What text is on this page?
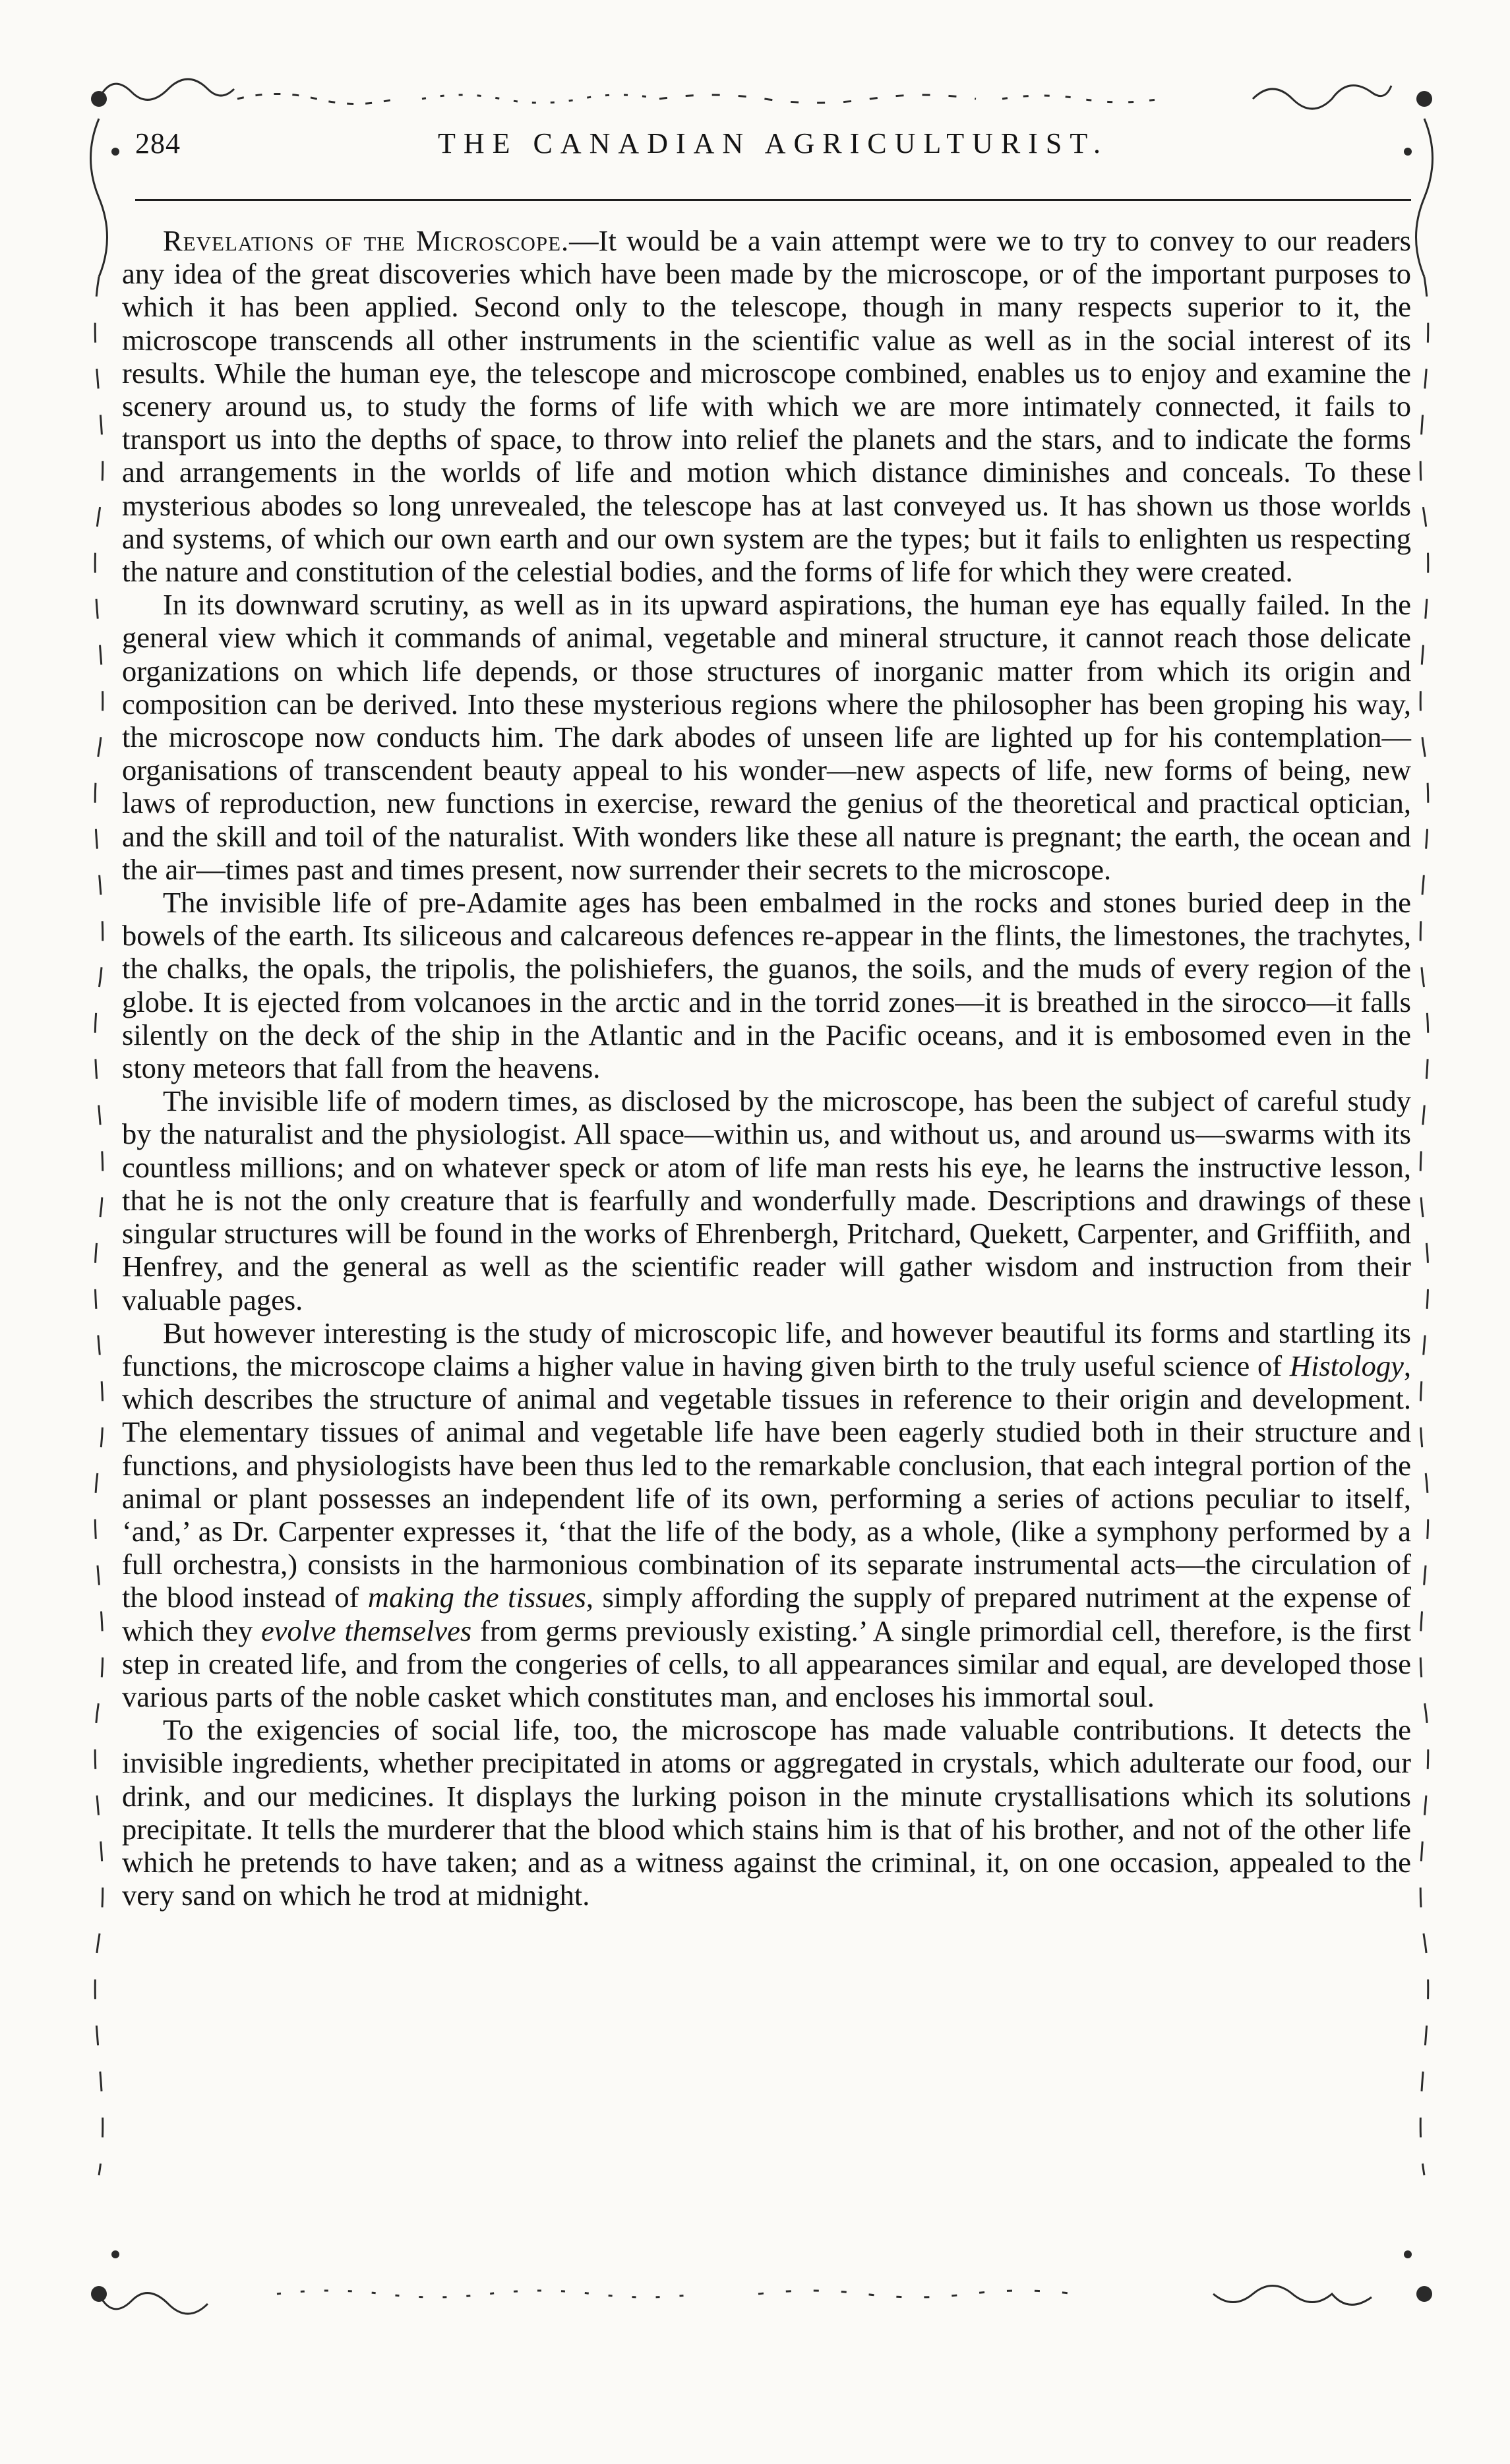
284	THE CANADIAN AGRICULTURIST.

Revelations of the Microscope.—It would be a vain attempt were we to try to convey to our readers any idea of the great discoveries which have been made by the microscope, or of the important purposes to which it has been applied. Second only to the telescope, though in many respects superior to it, the microscope transcends all other instruments in the scientific value as well as in the social interest of its results. While the human eye, the telescope and microscope combined, enables us to enjoy and examine the scenery around us, to study the forms of life with which we are more intimately connected, it fails to transport us into the depths of space, to throw into relief the planets and the stars, and to indicate the forms and arrangements in the worlds of life and motion which distance diminishes and conceals. To these mysterious abodes so long unrevealed, the telescope has at last conveyed us. It has shown us those worlds and systems, of which our own earth and our own system are the types; but it fails to enlighten us respecting the nature and constitution of the celestial bodies, and the forms of life for which they were created.

In its downward scrutiny, as well as in its upward aspirations, the human eye has equally failed. In the general view which it commands of animal, vegetable and mineral structure, it cannot reach those delicate organizations on which life depends, or those structures of inorganic matter from which its origin and composition can be derived. Into these mysterious regions where the philosopher has been groping his way, the microscope now conducts him. The dark abodes of unseen life are lighted up for his contemplation—organisations of transcendent beauty appeal to his wonder—new aspects of life, new forms of being, new laws of reproduction, new functions in exercise, reward the genius of the theoretical and practical optician, and the skill and toil of the naturalist. With wonders like these all nature is pregnant; the earth, the ocean and the air—times past and times present, now surrender their secrets to the microscope.

The invisible life of pre-Adamite ages has been embalmed in the rocks and stones buried deep in the bowels of the earth. Its siliceous and calcareous defences re-appear in the flints, the limestones, the trachytes, the chalks, the opals, the tripolis, the polishiefers, the guanos, the soils, and the muds of every region of the globe. It is ejected from volcanoes in the arctic and in the torrid zones—it is breathed in the sirocco—it falls silently on the deck of the ship in the Atlantic and in the Pacific oceans, and it is embosomed even in the stony meteors that fall from the heavens.

The invisible life of modern times, as disclosed by the microscope, has been the subject of careful study by the naturalist and the physiologist. All space—within us, and without us, and around us—swarms with its countless millions; and on whatever speck or atom of life man rests his eye, he learns the instructive lesson, that he is not the only creature that is fearfully and wonderfully made. Descriptions and drawings of these singular structures will be found in the works of Ehrenbergh, Pritchard, Quekett, Carpenter, and Griffiith, and Henfrey, and the general as well as the scientific reader will gather wisdom and instruction from their valuable pages.

But however interesting is the study of microscopic life, and however beautiful its forms and startling its functions, the microscope claims a higher value in having given birth to the truly useful science of Histology, which describes the structure of animal and vegetable tissues in reference to their origin and development. The elementary tissues of animal and vegetable life have been eagerly studied both in their structure and functions, and physiologists have been thus led to the remarkable conclusion, that each integral portion of the animal or plant possesses an independent life of its own, performing a series of actions peculiar to itself, ‘and,’ as Dr. Carpenter expresses it, ‘that the life of the body, as a whole, (like a symphony performed by a full orchestra,) consists in the harmonious combination of its separate instrumental acts—the circulation of the blood instead of making the tissues, simply affording the supply of prepared nutriment at the expense of which they evolve themselves from germs previously existing.’ A single primordial cell, therefore, is the first step in created life, and from the congeries of cells, to all appearances similar and equal, are developed those various parts of the noble casket which constitutes man, and encloses his immortal soul.

To the exigencies of social life, too, the microscope has made valuable contributions. It detects the invisible ingredients, whether precipitated in atoms or aggregated in crystals, which adulterate our food, our drink, and our medicines. It displays the lurking poison in the minute crystallisations which its solutions precipitate. It tells the murderer that the blood which stains him is that of his brother, and not of the other life which he pretends to have taken; and as a witness against the criminal, it, on one occasion, appealed to the very sand on which he trod at midnight.
